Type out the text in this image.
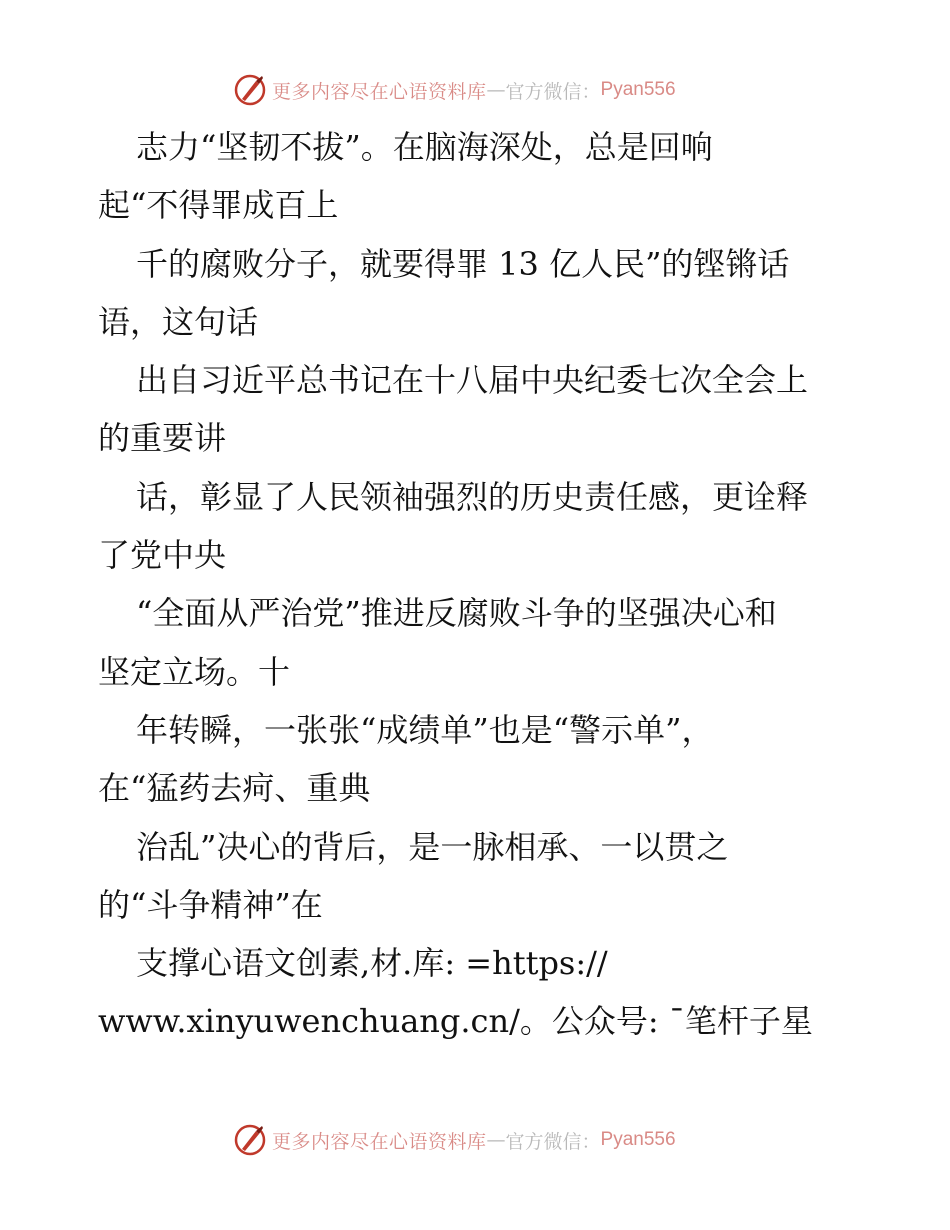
更多内容尽在心语资料库 — 官方微信： Pyan556
志力“坚韧不拔”。在脑海深处，总是回响
起“不得罪成百上
千的腐败分子，就要得罪 13 亿人民”的铿锵话
语，这句话
出自习近平总书记在十八届中央纪委七次全会上
的重要讲
话，彰显了人民领袖强烈的历史责任感，更诠释
了党中央
“全面从严治党”推进反腐败斗争的坚强决心和
坚定立场。十
年转瞬，一张张“成绩单”也是“警示单”，
在“猛药去疴、重典
治乱”决心的背后，是一脉相承、一以贯之
的“斗争精神”在
支撑心语文创素,材.库: =https://
www.xinyuwenchuang.cn/。公众号: ¯笔杆子星
更多内容尽在心语资料库 — 官方微信： Pyan556
